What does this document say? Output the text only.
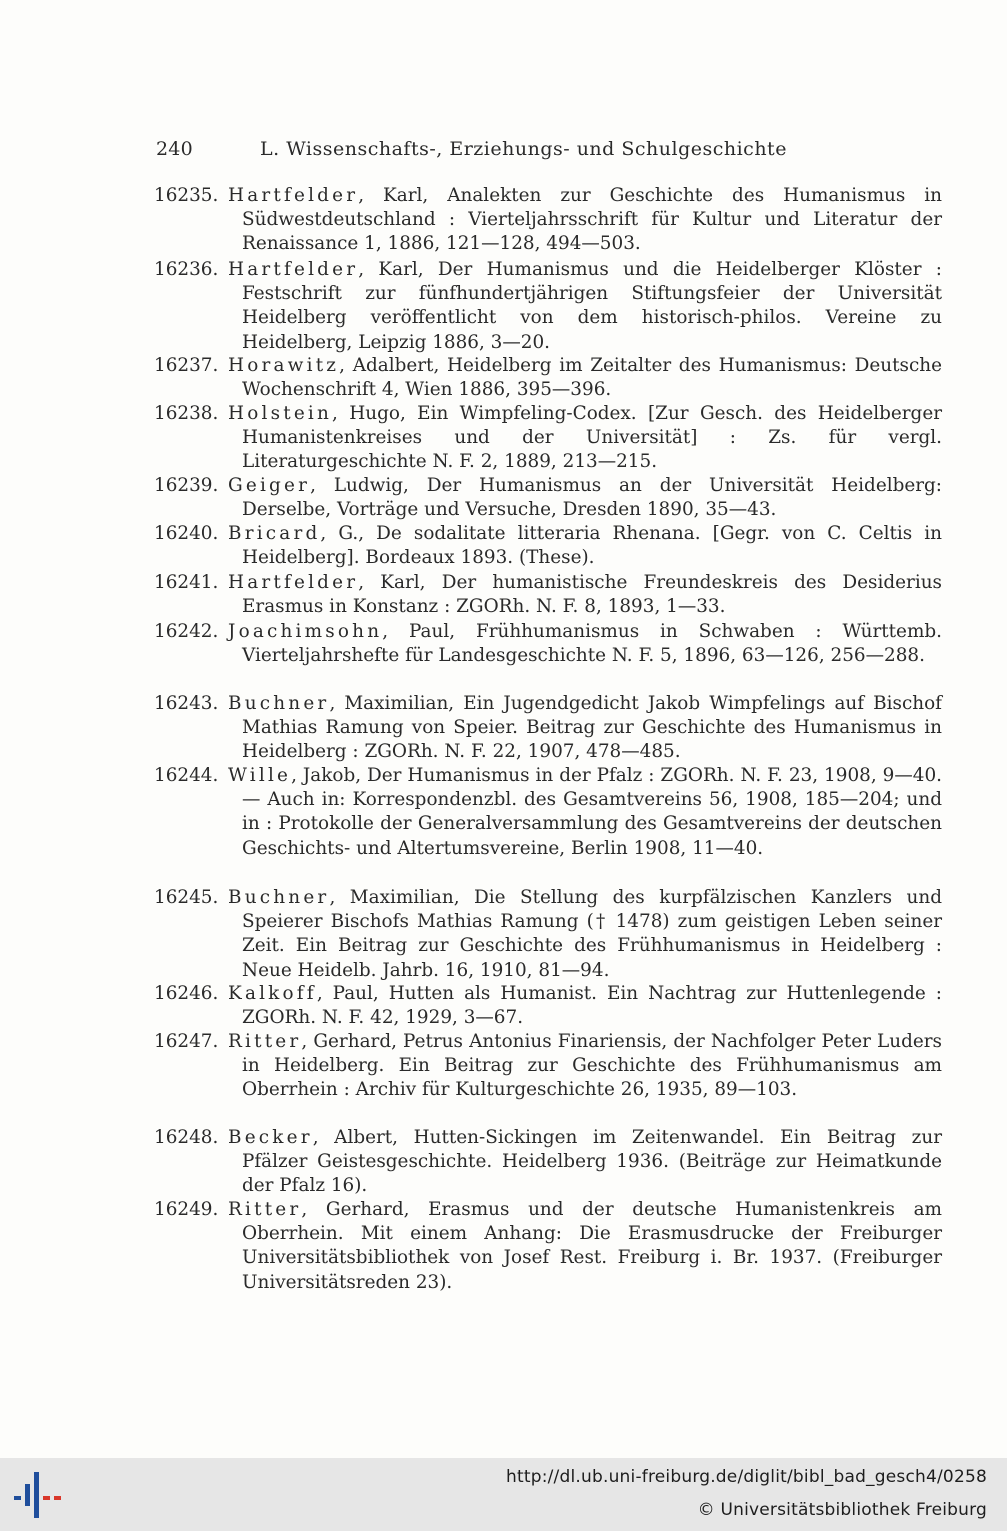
240	L. Wissenschafts-, Erziehungs- und Schulgeschichte
16235. Hartfelder, Karl, Analekten zur Geschichte des Humanismus in Südwestdeutschland : Vierteljahrsschrift für Kultur und Literatur der Renaissance 1, 1886, 121—128, 494—503.
16236. Hartfelder, Karl, Der Humanismus und die Heidelberger Klöster : Festschrift zur fünfhundertjährigen Stiftungsfeier der Universität Heidelberg veröffentlicht von dem historisch-philos. Vereine zu Heidelberg, Leipzig 1886, 3—20.
16237. Horawitz, Adalbert, Heidelberg im Zeitalter des Humanismus: Deutsche Wochenschrift 4, Wien 1886, 395—396.
16238. Holstein, Hugo, Ein Wimpfeling-Codex. [Zur Gesch. des Heidelberger Humanistenkreises und der Universität] : Zs. für vergl. Literaturgeschichte N. F. 2, 1889, 213—215.
16239. Geiger, Ludwig, Der Humanismus an der Universität Heidelberg: Derselbe, Vorträge und Versuche, Dresden 1890, 35—43.
16240. Bricard, G., De sodalitate litteraria Rhenana. [Gegr. von C. Celtis in Heidelberg]. Bordeaux 1893. (These).
16241. Hartfelder, Karl, Der humanistische Freundeskreis des Desiderius Erasmus in Konstanz : ZGORh. N. F. 8, 1893, 1—33.
16242. Joachimsohn, Paul, Frühhumanismus in Schwaben : Württemb. Vierteljahrshefte für Landesgeschichte N. F. 5, 1896, 63—126, 256—288.
16243. Buchner, Maximilian, Ein Jugendgedicht Jakob Wimpfelings auf Bischof Mathias Ramung von Speier. Beitrag zur Geschichte des Humanismus in Heidelberg : ZGORh. N. F. 22, 1907, 478—485.
16244. Wille, Jakob, Der Humanismus in der Pfalz : ZGORh. N. F. 23, 1908, 9—40. — Auch in: Korrespondenzbl. des Gesamtvereins 56, 1908, 185—204; und in : Protokolle der Generalversammlung des Gesamtvereins der deutschen Geschichts- und Altertumsvereine, Berlin 1908, 11—40.
16245. Buchner, Maximilian, Die Stellung des kurpfälzischen Kanzlers und Speierer Bischofs Mathias Ramung († 1478) zum geistigen Leben seiner Zeit. Ein Beitrag zur Geschichte des Frühhumanismus in Heidelberg : Neue Heidelb. Jahrb. 16, 1910, 81—94.
16246. Kalkoff, Paul, Hutten als Humanist. Ein Nachtrag zur Huttenlegende : ZGORh. N. F. 42, 1929, 3—67.
16247. Ritter, Gerhard, Petrus Antonius Finariensis, der Nachfolger Peter Luders in Heidelberg. Ein Beitrag zur Geschichte des Frühhumanismus am Oberrhein : Archiv für Kulturgeschichte 26, 1935, 89—103.
16248. Becker, Albert, Hutten-Sickingen im Zeitenwandel. Ein Beitrag zur Pfälzer Geistesgeschichte. Heidelberg 1936. (Beiträge zur Heimatkunde der Pfalz 16).
16249. Ritter, Gerhard, Erasmus und der deutsche Humanistenkreis am Oberrhein. Mit einem Anhang: Die Erasmusdrucke der Freiburger Universitätsbibliothek von Josef Rest. Freiburg i. Br. 1937. (Freiburger Universitätsreden 23).
http://dl.ub.uni-freiburg.de/diglit/bibl_bad_gesch4/0258
© Universitätsbibliothek Freiburg
